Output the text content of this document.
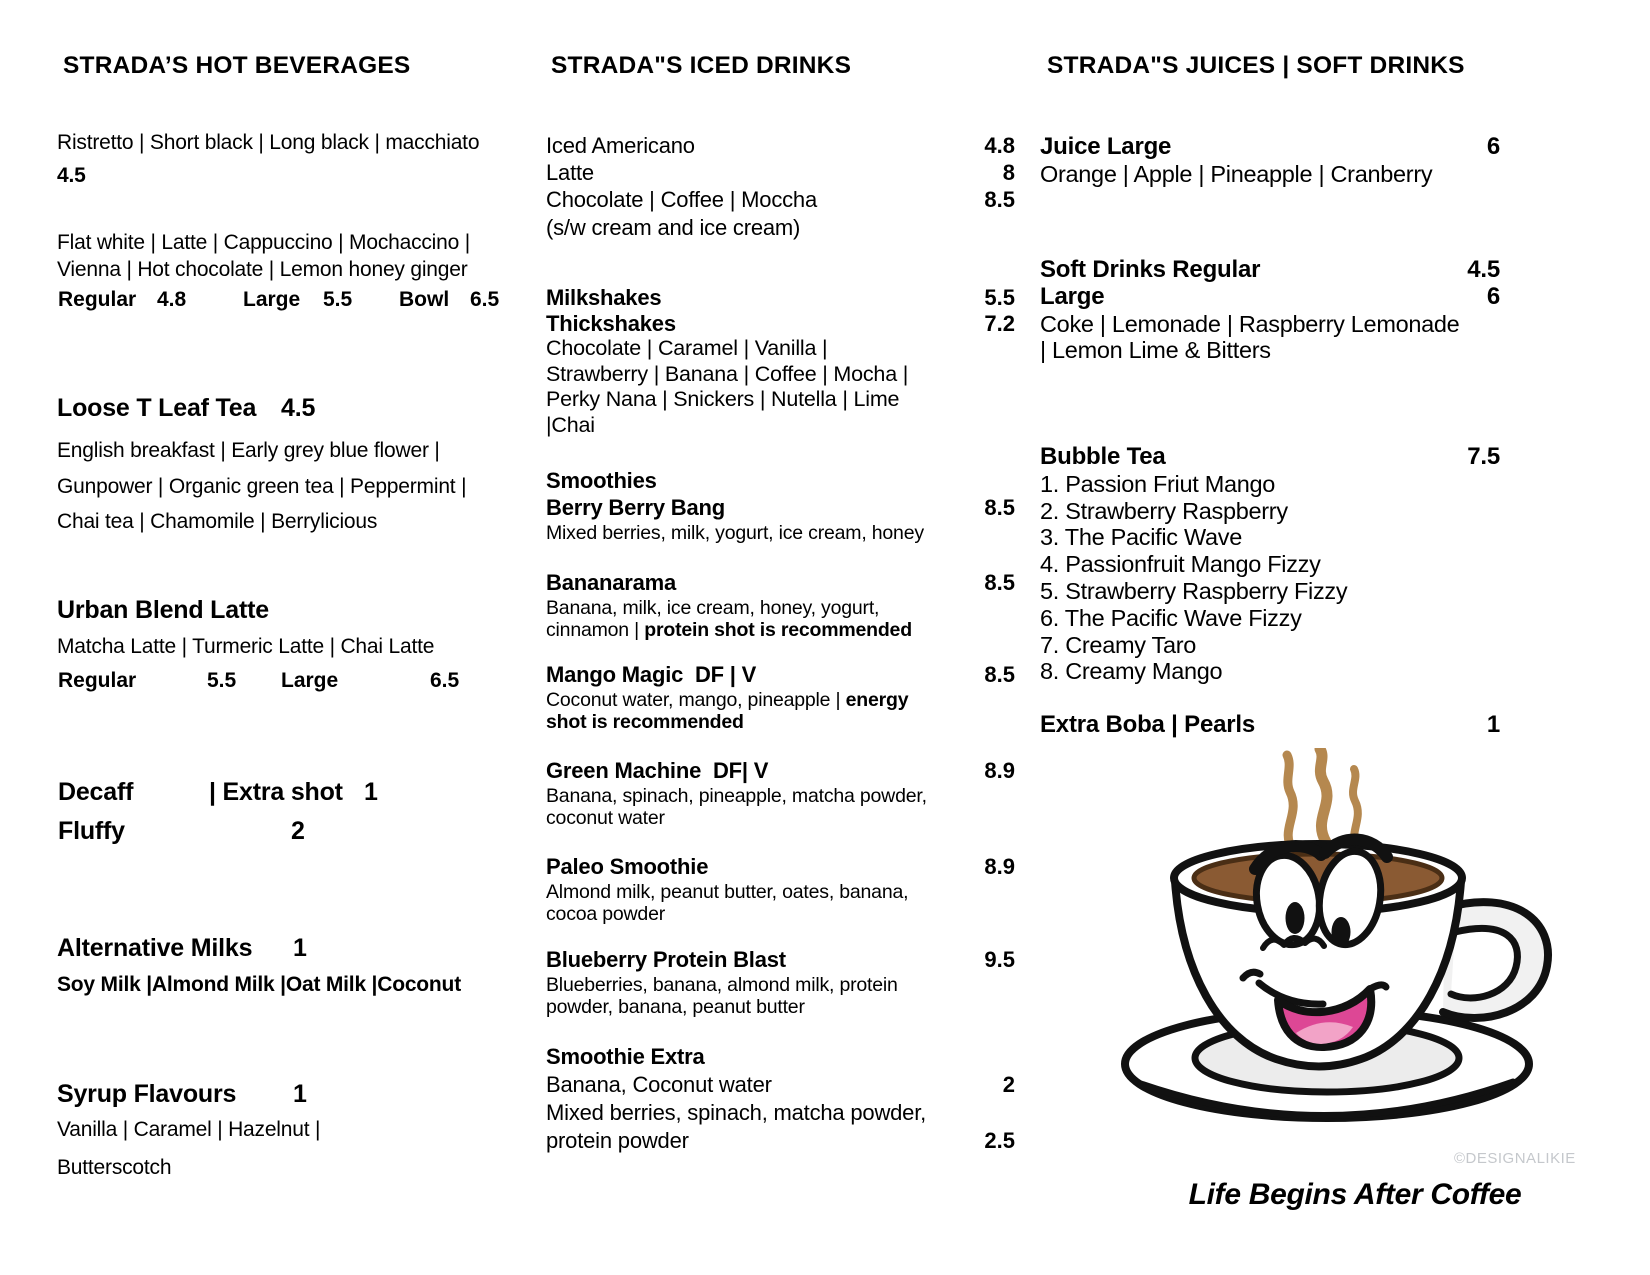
STRADA’S HOT BEVERAGES
Ristretto | Short black | Long black | macchiato
4.5
Flat white | Latte | Cappuccino | Mochaccino |
Vienna | Hot chocolate | Lemon honey ginger
Regular 4.8	Large 5.5 Bowl 6.5
Loose T Leaf Tea 4.5
English breakfast | Early grey blue flower |
Gunpower | Organic green tea | Peppermint |
Chai tea | Chamomile | Berrylicious
Urban Blend Latte
Matcha Latte | Turmeric Latte | Chai Latte
Regular	5.5 Large	6.5
Decaff	| Extra shot 1
Fluffy	2
Alternative Milks 1
Soy Milk |Almond Milk |Oat Milk |Coconut
Syrup Flavours 1
Vanilla | Caramel | Hazelnut |
Butterscotch
STRADA"S ICED DRINKS
Iced Americano	4.8
Latte	8
Chocolate | Coffee | Moccha	8.5
(s/w cream and ice cream)
Milkshakes	5.5
Thickshakes	7.2
Chocolate | Caramel | Vanilla |
Strawberry | Banana | Coffee | Mocha |
Perky Nana | Snickers | Nutella | Lime
|Chai
Smoothies
Berry Berry Bang	8.5
Mixed berries, milk, yogurt, ice cream, honey
Bananarama	8.5
Banana, milk, ice cream, honey, yogurt,
cinnamon | protein shot is recommended
Mango Magic  DF | V	8.5
Coconut water, mango, pineapple | energy
shot is recommended
Green Machine  DF| V	8.9
Banana, spinach, pineapple, matcha powder,
coconut water
Paleo Smoothie	8.9
Almond milk, peanut butter, oates, banana,
cocoa powder
Blueberry Protein Blast	9.5
Blueberries, banana, almond milk, protein
powder, banana, peanut butter
Smoothie Extra
Banana, Coconut water	2
Mixed berries, spinach, matcha powder,
protein powder	2.5
STRADA"S JUICES | SOFT DRINKS
Juice Large	6
Orange | Apple | Pineapple | Cranberry
Soft Drinks Regular	4.5
Large	6
Coke | Lemonade | Raspberry Lemonade
| Lemon Lime & Bitters
Bubble Tea	7.5
1. Passion Friut Mango
2. Strawberry Raspberry
3. The Pacific Wave
4. Passionfruit Mango Fizzy
5. Strawberry Raspberry Fizzy
6. The Pacific Wave Fizzy
7. Creamy Taro
8. Creamy Mango
Extra Boba | Pearls	1
©DESIGNALIKIE
Life Begins After Coffee
